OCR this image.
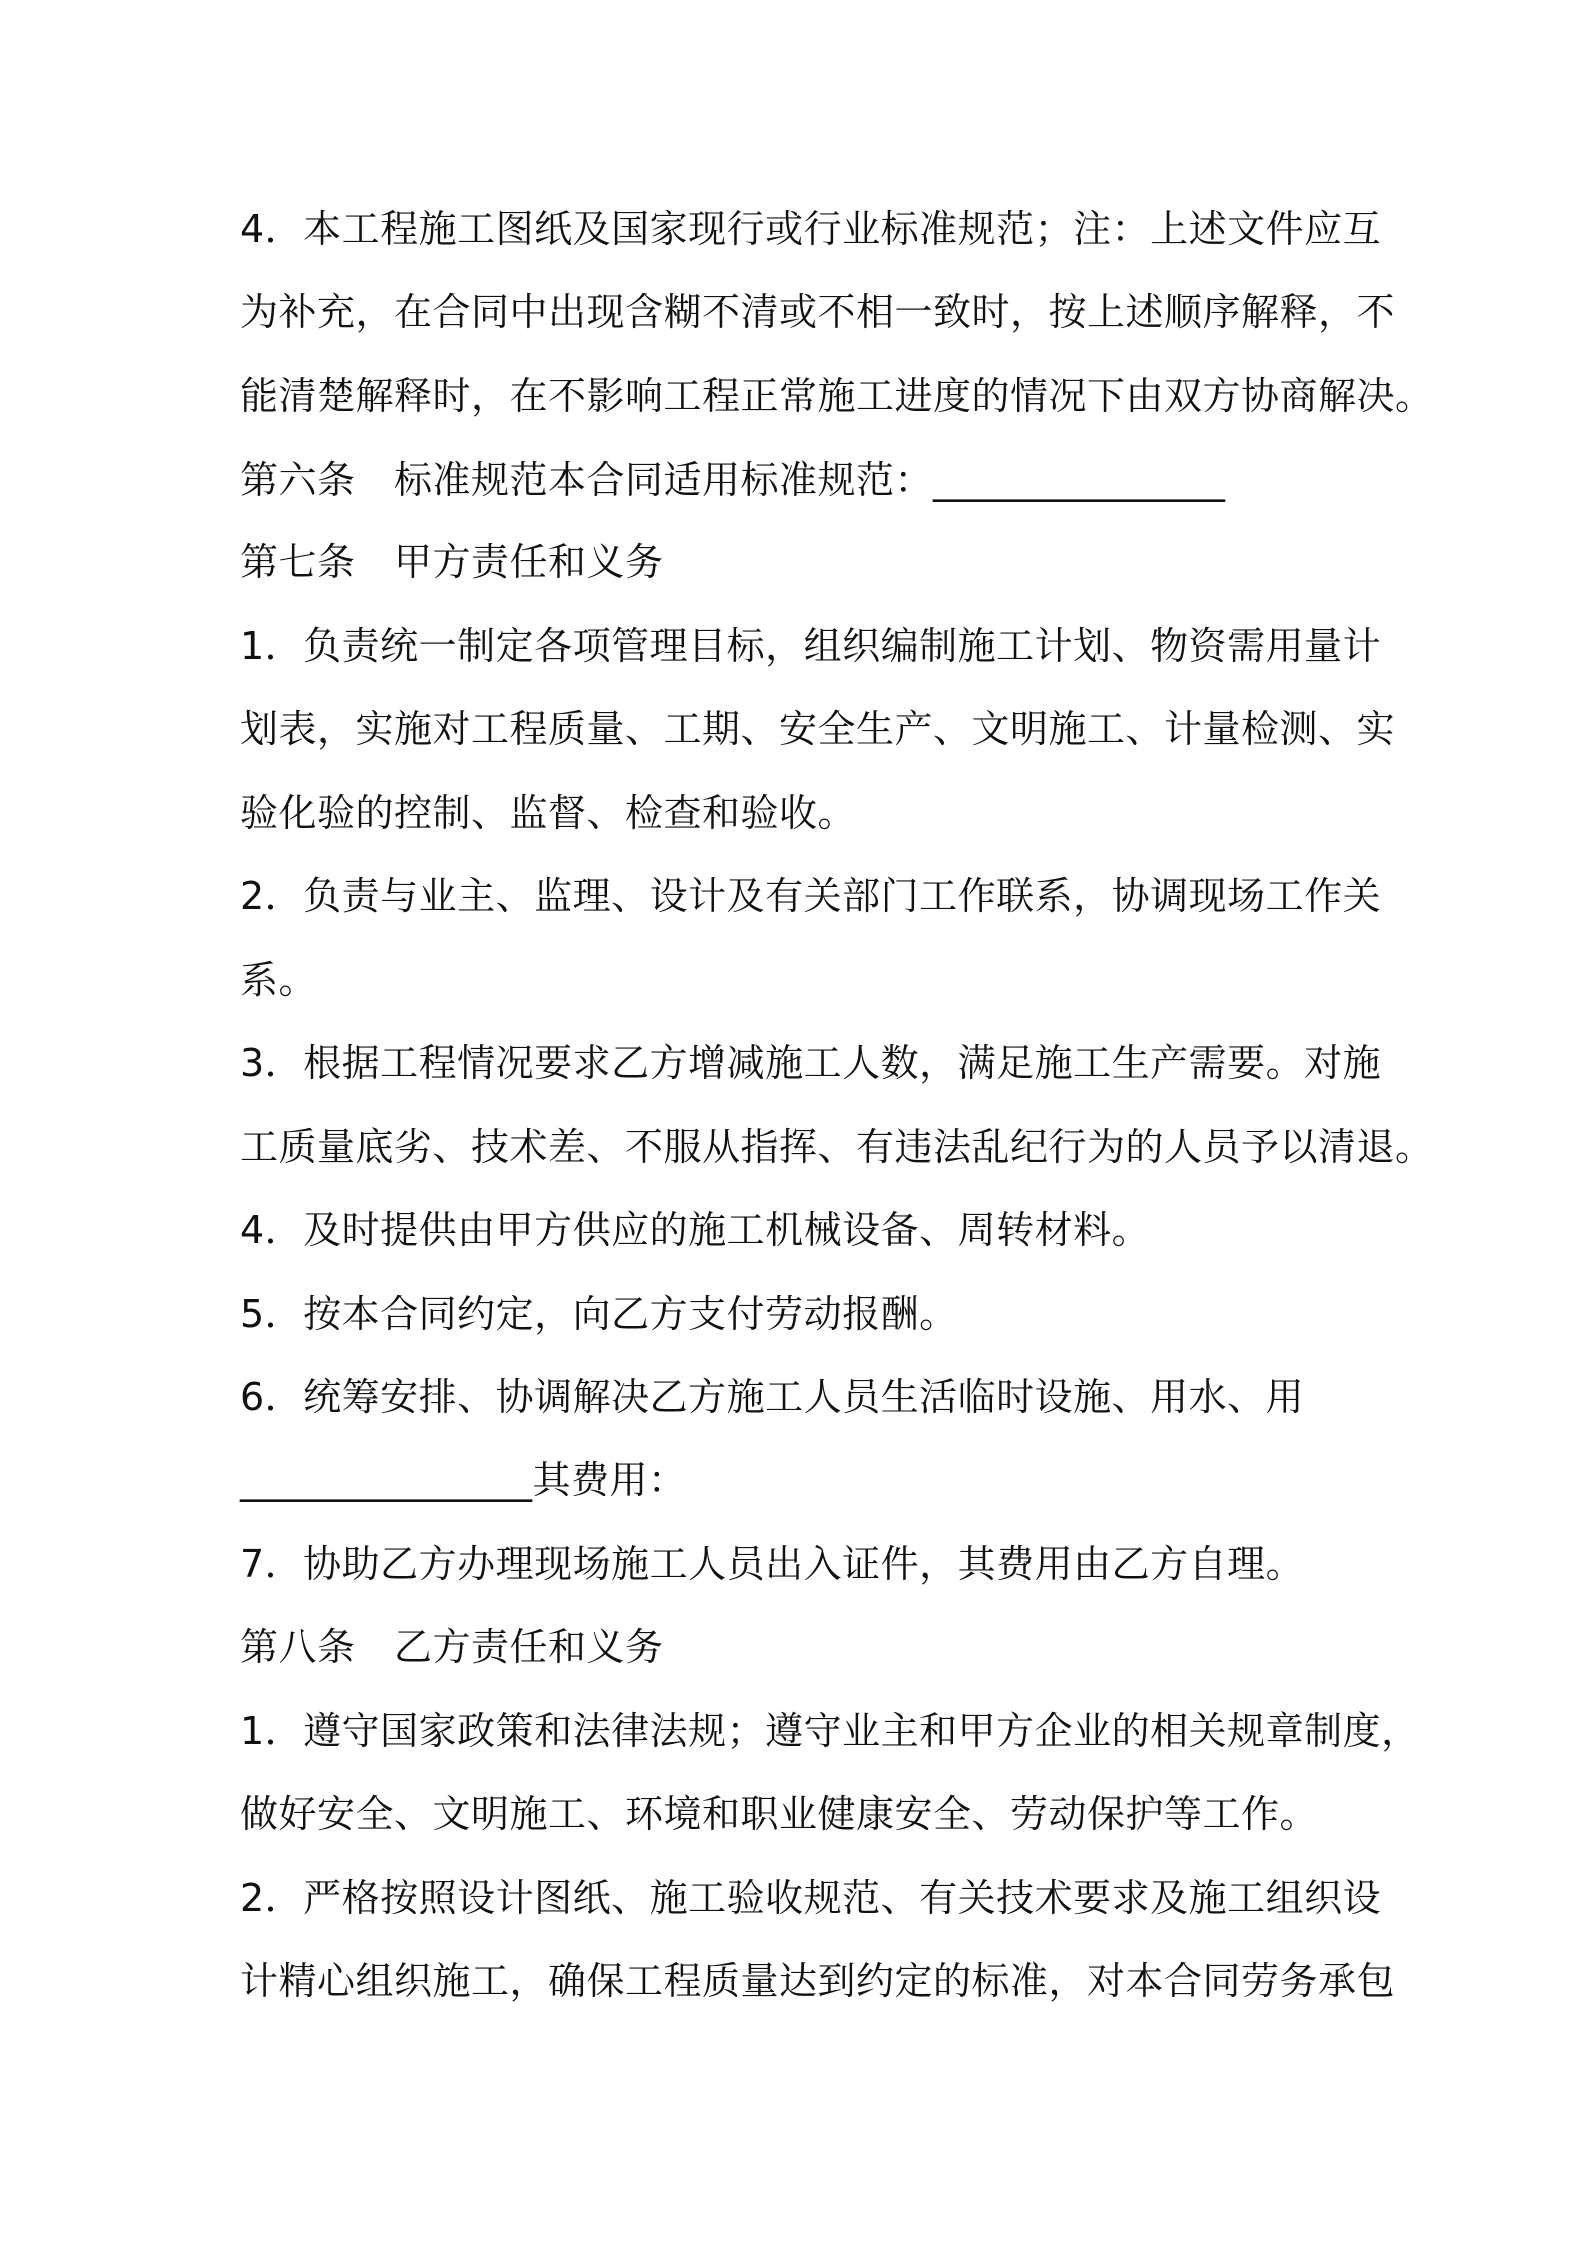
4．本工程施工图纸及国家现行或行业标准规范；注：上述文件应互
为补充，在合同中出现含糊不清或不相一致时，按上述顺序解释，不
能清楚解释时，在不影响工程正常施工进度的情况下由双方协商解决。
第六条　标准规范本合同适用标准规范：_______________
第七条　甲方责任和义务
1．负责统一制定各项管理目标，组织编制施工计划、物资需用量计
划表，实施对工程质量、工期、安全生产、文明施工、计量检测、实
验化验的控制、监督、检查和验收。
2．负责与业主、监理、设计及有关部门工作联系，协调现场工作关
系。
3．根据工程情况要求乙方增减施工人数，满足施工生产需要。对施
工质量底劣、技术差、不服从指挥、有违法乱纪行为的人员予以清退。
4．及时提供由甲方供应的施工机械设备、周转材料。
5．按本合同约定，向乙方支付劳动报酬。
6．统筹安排、协调解决乙方施工人员生活临时设施、用水、用
_______________其费用：
7．协助乙方办理现场施工人员出入证件，其费用由乙方自理。
第八条　乙方责任和义务
1．遵守国家政策和法律法规；遵守业主和甲方企业的相关规章制度，
做好安全、文明施工、环境和职业健康安全、劳动保护等工作。
2．严格按照设计图纸、施工验收规范、有关技术要求及施工组织设
计精心组织施工，确保工程质量达到约定的标准，对本合同劳务承包
